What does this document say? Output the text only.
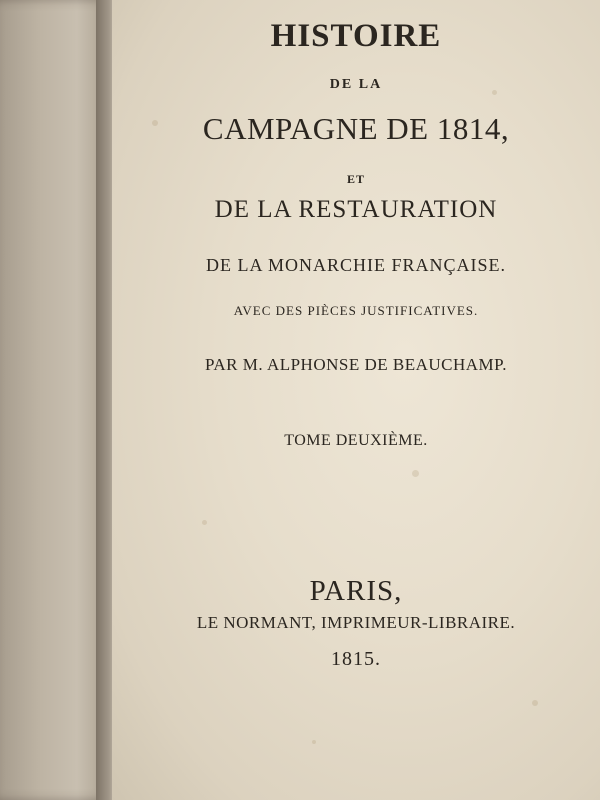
HISTOIRE
DE LA
CAMPAGNE DE 1814,
ET
DE LA RESTAURATION
DE LA MONARCHIE FRANÇAISE.
AVEC DES PIÈCES JUSTIFICATIVES.
PAR M. ALPHONSE DE BEAUCHAMP.
TOME DEUXIÈME.
PARIS,
LE NORMANT, IMPRIMEUR-LIBRAIRE.
1815.
